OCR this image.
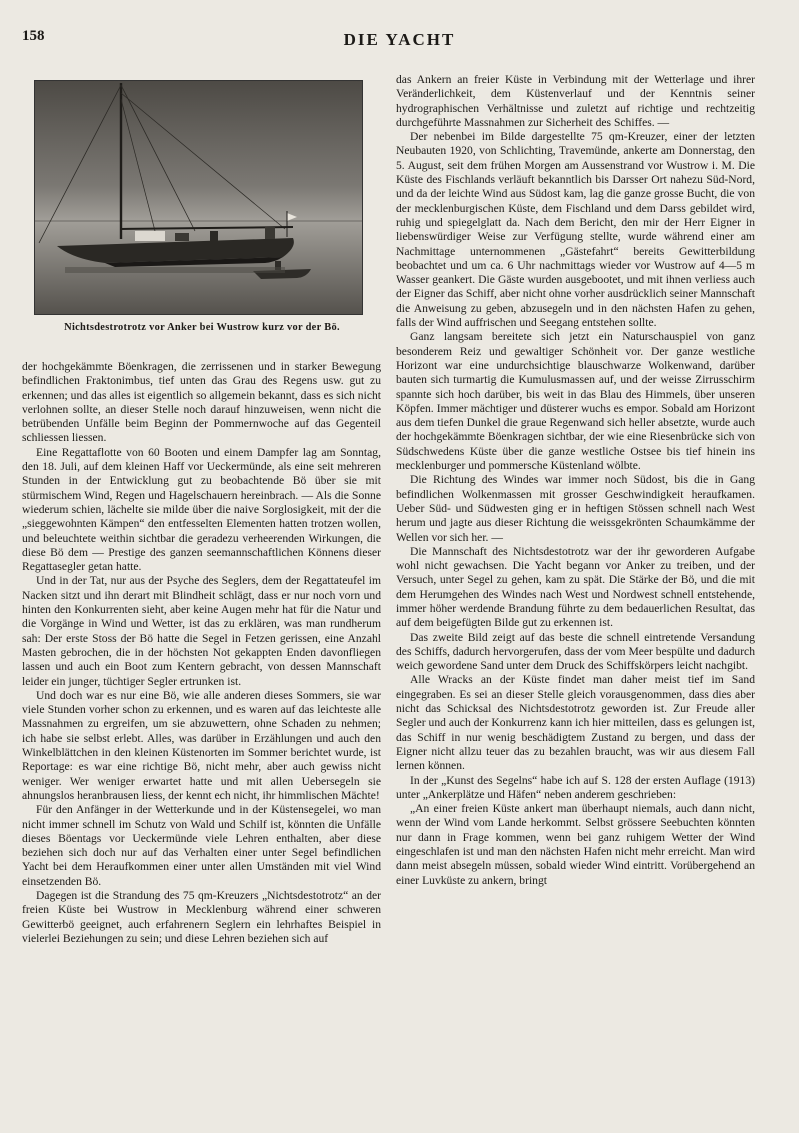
158	DIE YACHT
Nichtsdestrotrotz vor Anker bei Wustrow kurz vor der Bö.

der hochgekämmte Böenkragen, die zerrissenen und in starker Bewegung befindlichen Fraktonimbus, tief unten das Grau des Regens usw. gut zu erkennen; und das alles ist eigentlich so allgemein bekannt, dass es sich nicht verlohnen sollte, an dieser Stelle noch darauf hinzuweisen, wenn nicht die betrübenden Unfälle beim Beginn der Pommernwoche auf das Gegenteil schliessen liessen.

Eine Regattaflotte von 60 Booten und einem Dampfer lag am Sonntag, den 18. Juli, auf dem kleinen Haff vor Ueckermünde, als eine seit mehreren Stunden in der Entwicklung gut zu beobachtende Bö über sie mit stürmischem Wind, Regen und Hagelschauern hereinbrach. — Als die Sonne wiederum schien, lächelte sie milde über die naive Sorglosigkeit, mit der die „sieggewohnten Kämpen“ den entfesselten Elementen hatten trotzen wollen, und beleuchtete weithin sichtbar die geradezu verheerenden Wirkungen, die diese Bö dem — Prestige des ganzen seemannschaftlichen Könnens dieser Regattasegler getan hatte.

Und in der Tat, nur aus der Psyche des Seglers, dem der Regattateufel im Nacken sitzt und ihn derart mit Blindheit schlägt, dass er nur noch vorn und hinten den Konkurrenten sieht, aber keine Augen mehr hat für die Natur und die Vorgänge in Wind und Wetter, ist das zu erklären, was man rundherum sah: Der erste Stoss der Bö hatte die Segel in Fetzen gerissen, eine Anzahl Masten gebrochen, die in der höchsten Not gekappten Enden davonfliegen lassen und auch ein Boot zum Kentern gebracht, von dessen Mannschaft leider ein junger, tüchtiger Segler ertrunken ist.

Und doch war es nur eine Bö, wie alle anderen dieses Sommers, sie war viele Stunden vorher schon zu erkennen, und es waren auf das leichteste alle Massnahmen zu ergreifen, um sie abzuwettern, ohne Schaden zu nehmen; ich habe sie selbst erlebt. Alles, was darüber in Erzählungen und auch den Winkelblättchen in den kleinen Küstenorten im Sommer berichtet wurde, ist Reportage: es war eine richtige Bö, nicht mehr, aber auch gewiss nicht weniger. Wer weniger erwartet hatte und mit allen Uebersegeln sie ahnungslos heranbrausen liess, der kennt ech nicht, ihr himmlischen Mächte!

Für den Anfänger in der Wetterkunde und in der Küstensegelei, wo man nicht immer schnell im Schutz von Wald und Schilf ist, könnten die Unfälle dieses Böentags vor Ueckermünde viele Lehren enthalten, aber diese beziehen sich doch nur auf das Verhalten einer unter Segel befindlichen Yacht bei dem Heraufkommen einer unter allen Umständen mit viel Wind einsetzenden Bö.

Dagegen ist die Strandung des 75 qm-Kreuzers „Nichtsdestotrotz“ an der freien Küste bei Wustrow in Mecklenburg während einer schweren Gewitterbö geeignet, auch erfahrenern Seglern ein lehrhaftes Beispiel in vielerlei Beziehungen zu sein; und diese Lehren beziehen sich auf

das Ankern an freier Küste in Verbindung mit der Wetterlage und ihrer Veränderlichkeit, dem Küstenverlauf und der Kenntnis seiner hydrographischen Verhältnisse und zuletzt auf richtige und rechtzeitig durchgeführte Massnahmen zur Sicherheit des Schiffes. —

Der nebenbei im Bilde dargestellte 75 qm-Kreuzer, einer der letzten Neubauten 1920, von Schlichting, Travemünde, ankerte am Donnerstag, den 5. August, seit dem frühen Morgen am Aussenstrand vor Wustrow i. M. Die Küste des Fischlands verläuft bekanntlich bis Darsser Ort nahezu Süd-Nord, und da der leichte Wind aus Südost kam, lag die ganze grosse Bucht, die von der mecklenburgischen Küste, dem Fischland und dem Darss gebildet wird, ruhig und spiegelglatt da. Nach dem Bericht, den mir der Herr Eigner in liebenswürdiger Weise zur Verfügung stellte, wurde während einer am Nachmittage unternommenen „Gästefahrt“ bereits Gewitterbildung beobachtet und um ca. 6 Uhr nachmittags wieder vor Wustrow auf 4—5 m Wasser geankert. Die Gäste wurden ausgebootet, und mit ihnen verliess auch der Eigner das Schiff, aber nicht ohne vorher ausdrücklich seiner Mannschaft die Anweisung zu geben, abzusegeln und in den nächsten Hafen zu gehen, falls der Wind auffrischen und Seegang entstehen sollte.

Ganz langsam bereitete sich jetzt ein Naturschauspiel von ganz besonderem Reiz und gewaltiger Schönheit vor. Der ganze westliche Horizont war eine undurchsichtige blauschwarze Wolkenwand, darüber bauten sich turmartig die Kumulusmassen auf, und der weisse Zirrusschirm spannte sich hoch darüber, bis weit in das Blau des Himmels, über unseren Köpfen. Immer mächtiger und düsterer wuchs es empor. Sobald am Horizont aus dem tiefen Dunkel die graue Regenwand sich heller absetzte, wurde auch der hochgekämmte Böenkragen sichtbar, der wie eine Riesenbrücke sich von Südschwedens Küste über die ganze westliche Ostsee bis tief hinein ins mecklenburger und pommersche Küstenland wölbte.

Die Richtung des Windes war immer noch Südost, bis die in Gang befindlichen Wolkenmassen mit grosser Geschwindigkeit heraufkamen. Ueber Süd- und Südwesten ging er in heftigen Stössen schnell nach West herum und jagte aus dieser Richtung die weissgekrönten Schaumkämme der Wellen vor sich her. —

Die Mannschaft des Nichtsdestotrotz war der ihr geworderen Aufgabe wohl nicht gewachsen. Die Yacht begann vor Anker zu treiben, und der Versuch, unter Segel zu gehen, kam zu spät. Die Stärke der Bö, und die mit dem Herumgehen des Windes nach West und Nordwest schnell entstehende, immer höher werdende Brandung führte zu dem bedauerlichen Resultat, das auf dem beigefügten Bilde gut zu erkennen ist.

Das zweite Bild zeigt auf das beste die schnell eintretende Versandung des Schiffs, dadurch hervorgerufen, dass der vom Meer bespülte und dadurch weich gewordene Sand unter dem Druck des Schiffskörpers leicht nachgibt.

Alle Wracks an der Küste findet man daher meist tief im Sand eingegraben. Es sei an dieser Stelle gleich vorausgenommen, dass dies aber nicht das Schicksal des Nichtsdestotrotz geworden ist. Zur Freude aller Segler und auch der Konkurrenz kann ich hier mitteilen, dass es gelungen ist, das Schiff in nur wenig beschädigtem Zustand zu bergen, und dass der Eigner nicht allzu teuer das zu bezahlen braucht, was wir aus diesem Fall lernen können.

In der „Kunst des Segelns“ habe ich auf S. 128 der ersten Auflage (1913) unter „Ankerplätze und Häfen“ neben anderem geschrieben:

„An einer freien Küste ankert man überhaupt niemals, auch dann nicht, wenn der Wind vom Lande herkommt. Selbst grössere Seebuchten könnten nur dann in Frage kommen, wenn bei ganz ruhigem Wetter der Wind eingeschlafen ist und man den nächsten Hafen nicht mehr erreicht. Man wird dann meist absegeln müssen, sobald wieder Wind eintritt. Vorübergehend an einer Luvküste zu ankern, bringt
